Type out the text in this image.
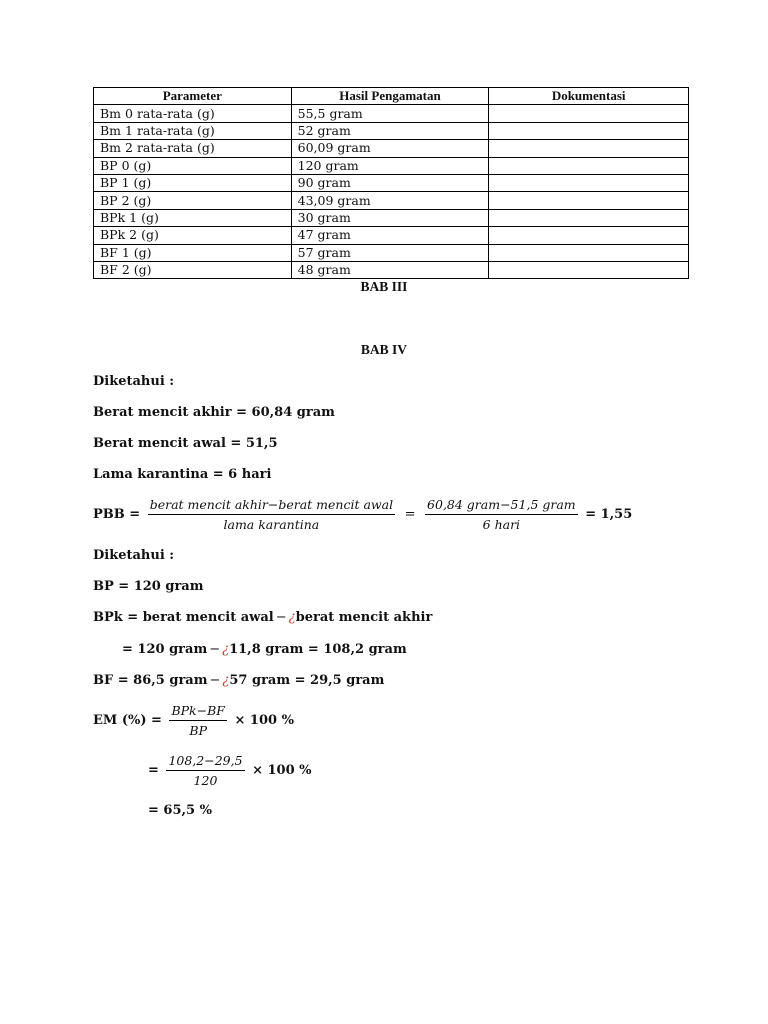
Parameter	Hasil Pengamatan	Dokumentasi
Bm 0 rata-rata (g)	55,5 gram	
Bm 1 rata-rata (g)	52 gram	
Bm 2 rata-rata (g)	60,09 gram	
BP 0 (g)	120 gram	
BP 1 (g)	90 gram	
BP 2 (g)	43,09 gram	
BPk 1 (g)	30 gram	
BPk 2 (g)	47 gram	
BF 1 (g)	57 gram	
BF 2 (g)	48 gram	
BAB III
BAB IV
Diketahui :
Berat mencit akhir = 60,84 gram
Berat mencit awal = 51,5
Lama karantina = 6 hari
PBB = $\frac{\text{berat mencit akhir−berat mencit awal}}{\text{lama karantina}} = \frac{\text{60,84 gram−51,5 gram}}{\text{6 hari}} = 1,55$
Diketahui :
BP = 120 gram
BPk = berat mencit awal − ¿berat mencit akhir
= 120 gram − ¿11,8 gram = 108,2 gram
BF = 86,5 gram − ¿57 gram = 29,5 gram
EM (%) = $\frac{\text{BPk−BF}}{BP} \times 100$ %
= $\frac{108,2-29,5}{120} \times 100$ %
= 65,5 %
